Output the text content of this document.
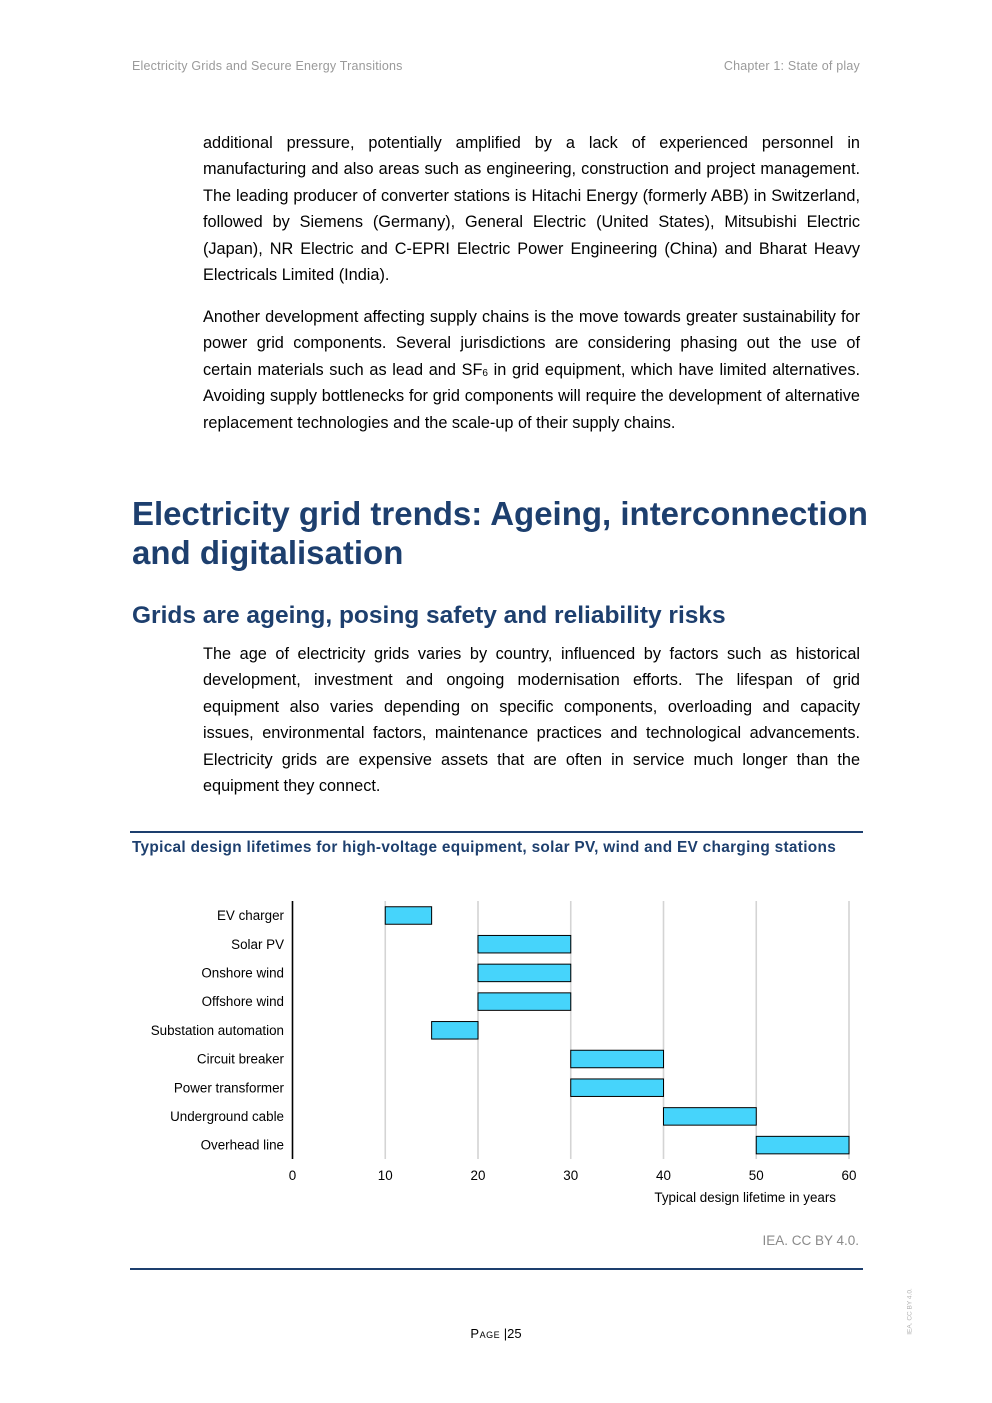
Electricity Grids and Secure Energy Transitions	Chapter 1: State of play

additional pressure, potentially amplified by a lack of experienced personnel in manufacturing and also areas such as engineering, construction and project management. The leading producer of converter stations is Hitachi Energy (formerly ABB) in Switzerland, followed by Siemens (Germany), General Electric (United States), Mitsubishi Electric (Japan), NR Electric and C-EPRI Electric Power Engineering (China) and Bharat Heavy Electricals Limited (India).

Another development affecting supply chains is the move towards greater sustainability for power grid components. Several jurisdictions are considering phasing out the use of certain materials such as lead and $SF_6$ in grid equipment, which have limited alternatives. Avoiding supply bottlenecks for grid components will require the development of alternative replacement technologies and the scale-up of their supply chains.

Electricity grid trends: Ageing, interconnection and digitalisation
Grids are ageing, posing safety and reliability risks

The age of electricity grids varies by country, influenced by factors such as historical development, investment and ongoing modernisation efforts. The lifespan of grid equipment also varies depending on specific components, overloading and capacity issues, environmental factors, maintenance practices and technological advancements. Electricity grids are expensive assets that are often in service much longer than the equipment they connect.

Typical design lifetimes for high-voltage equipment, solar PV, wind and EV charging stations

0	10	20	30	40	50	60
EV charger
Solar PV
Onshore wind
Offshore wind
Substation automation
Circuit breaker
Power transformer
Underground cable
Overhead line
Typical design lifetime in years
IEA. CC BY 4.0.
Page |25	IEA. CC BY 4.0.
